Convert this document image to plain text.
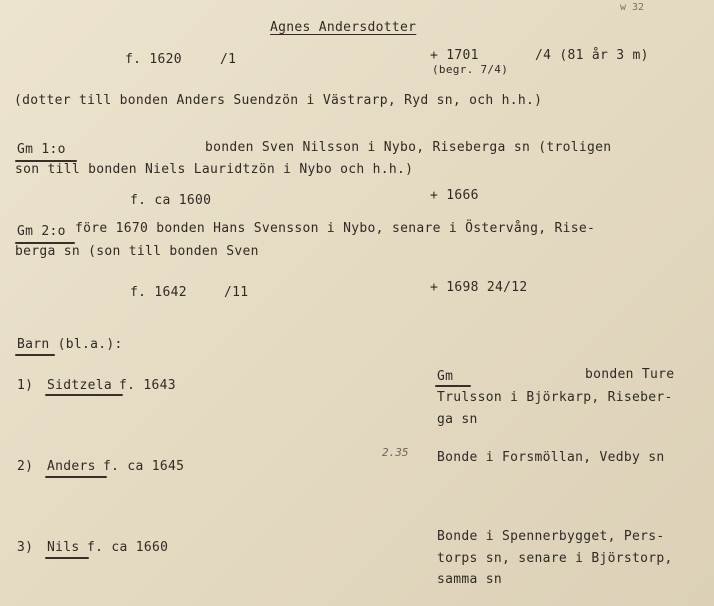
w 32
Agnes Andersdotter
f. 1620	/1	+ 1701	/4 (81 år 3 m)
(begr. 7/4)
(dotter till bonden Anders Suendzön i Västrarp, Ryd sn, och h.h.)
Gm 1:o	bonden Sven Nilsson i Nybo, Riseberga sn (troligen
son till bonden Niels Lauridtzön i Nybo och h.h.)
f. ca 1600	+ 1666
Gm 2:o före 1670 bonden Hans Svensson i Nybo, senare i Östervång, Rise-
berga sn (son till bonden Sven
f. 1642	/11	+ 1698 24/12
Barn (bl.a.):
1) Sidtzela f. 1643
Gm	bonden Ture
Trulsson i Björkarp, Riseber-
ga sn
2) Anders f. ca 1645
2.35 Bonde i Forsmöllan, Vedby sn
3) Nils f. ca 1660
Bonde i Spennerbygget, Pers-
torps sn, senare i Björstorp,
samma sn
